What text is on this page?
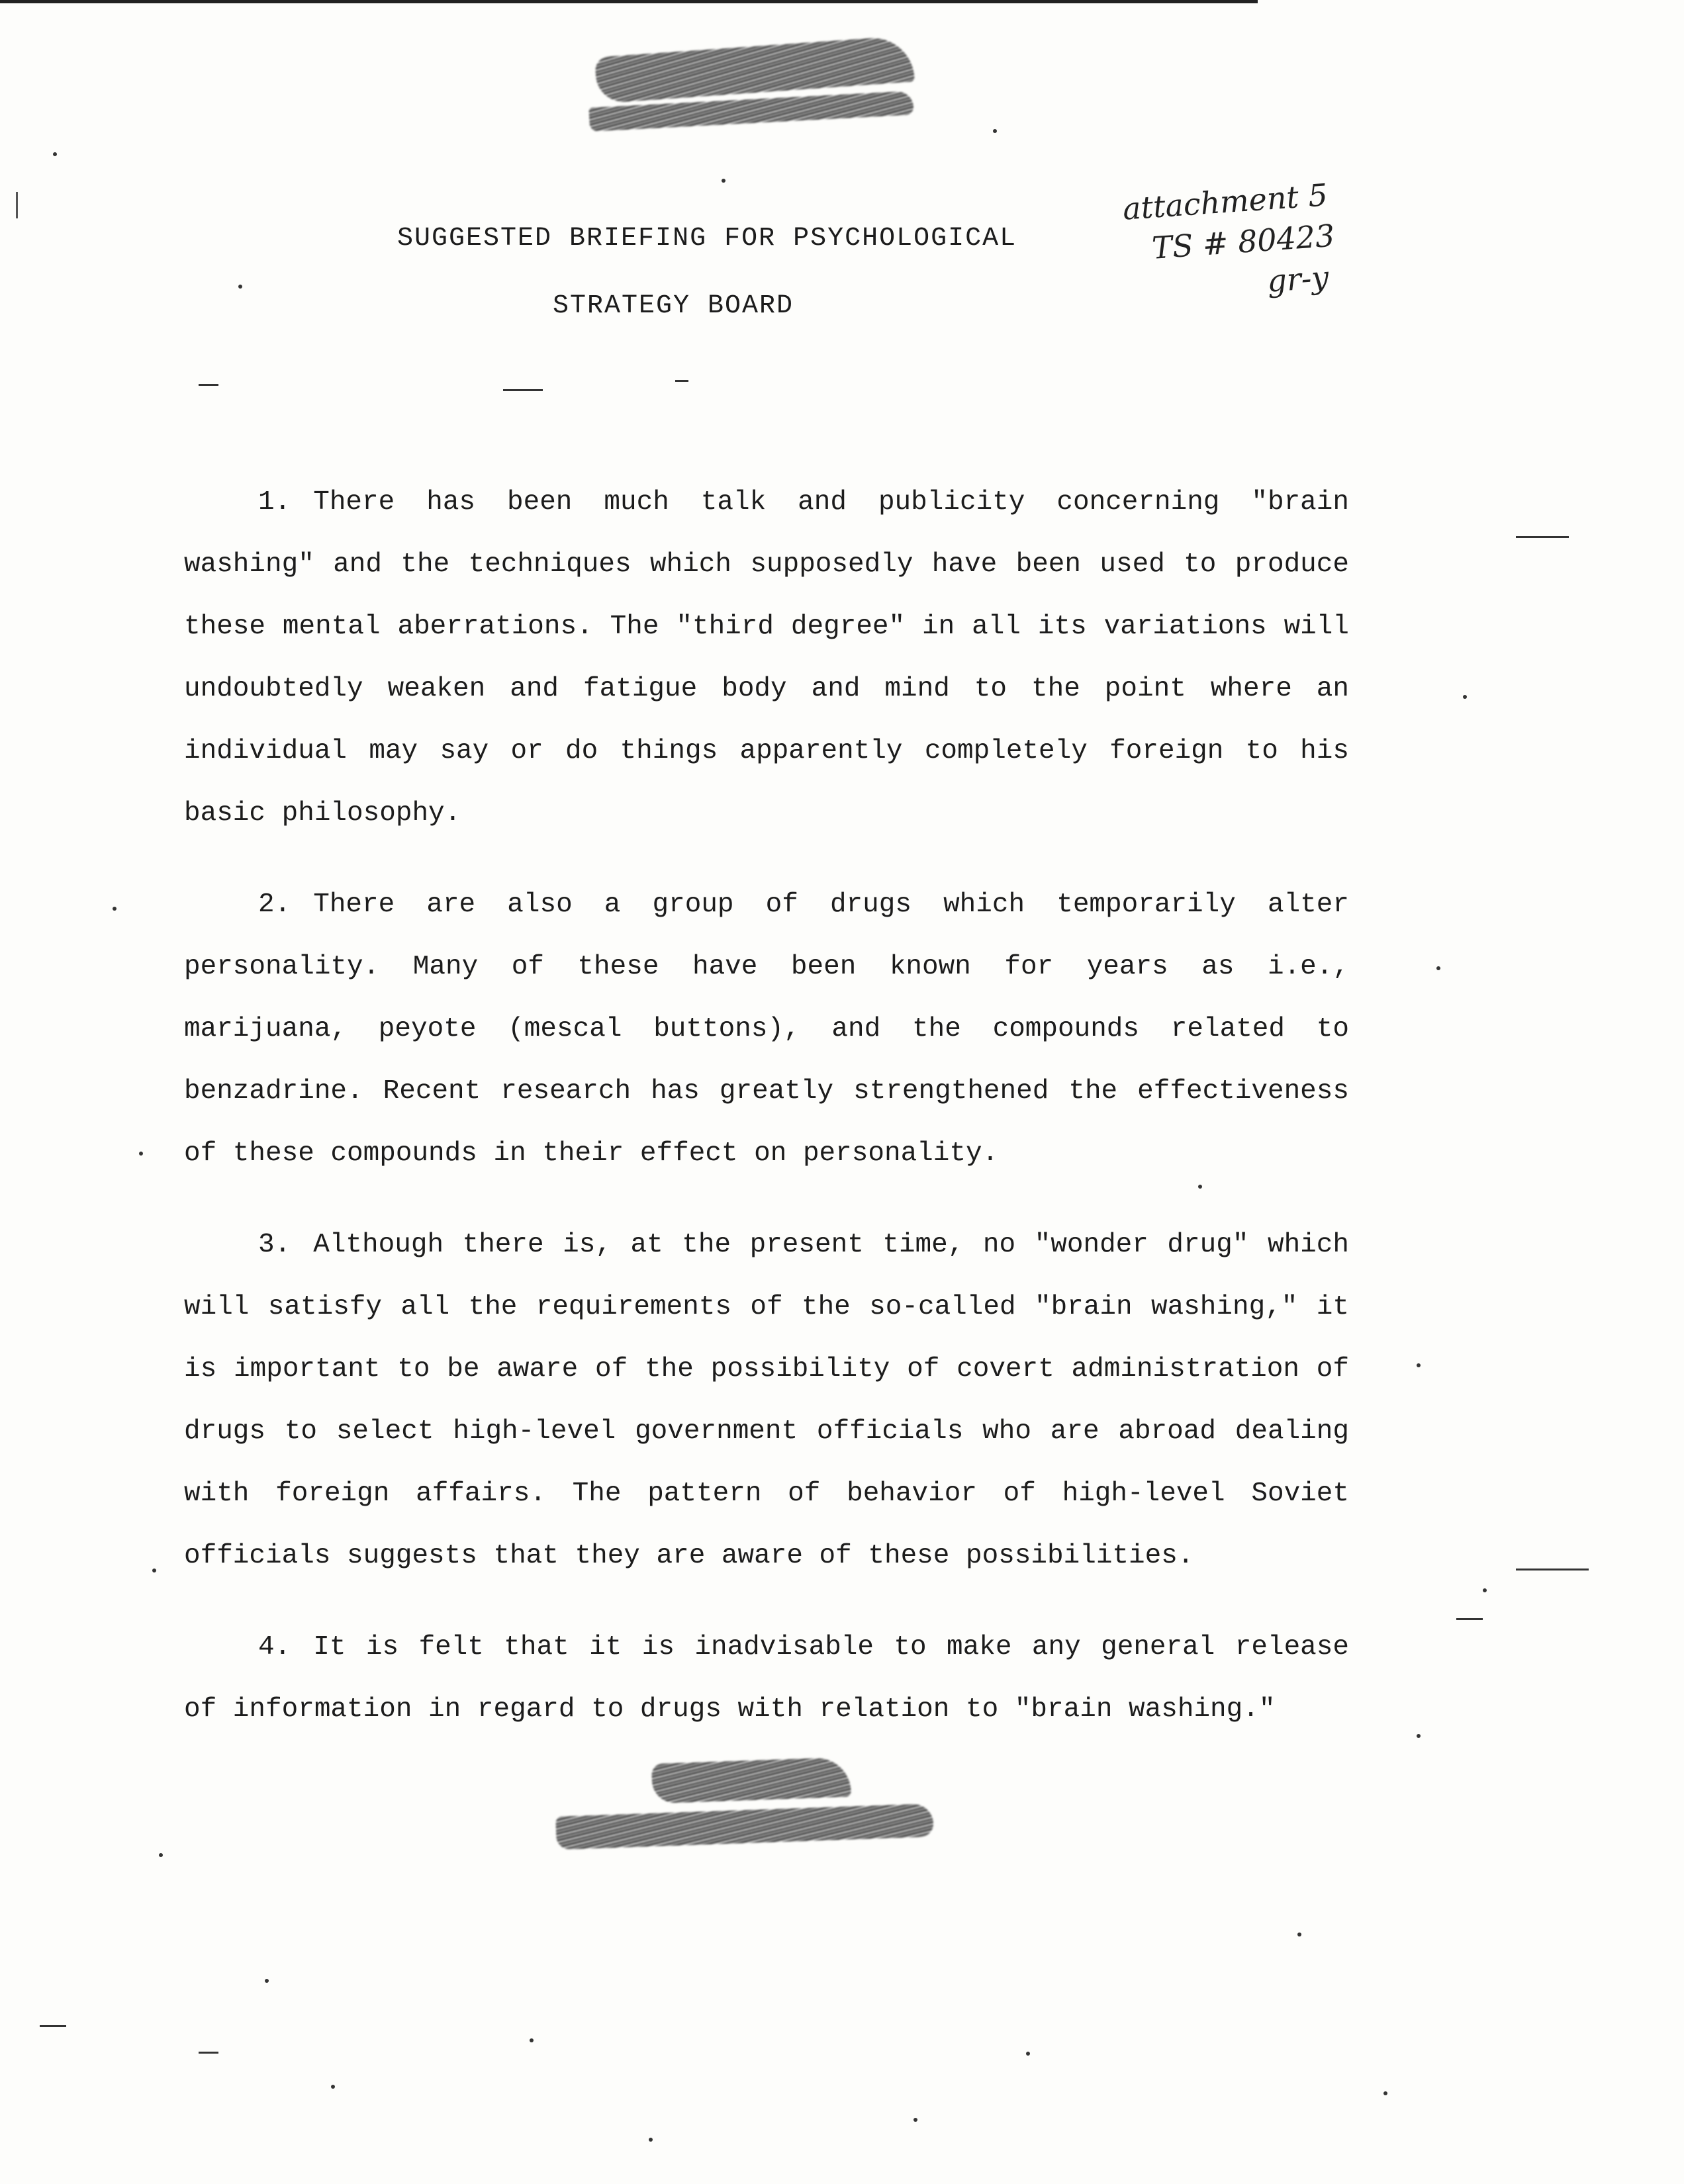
attachment 5
TS # 80423
gr-y
SUGGESTED BRIEFING FOR PSYCHOLOGICAL
STRATEGY BOARD

1. There has been much talk and publicity concerning "brain washing" and the techniques which supposedly have been used to produce these mental aberrations. The "third degree" in all its variations will undoubtedly weaken and fatigue body and mind to the point where an individual may say or do things apparently completely foreign to his basic philosophy.

2. There are also a group of drugs which temporarily alter personality. Many of these have been known for years as i.e., marijuana, peyote (mescal buttons), and the compounds related to benzadrine. Recent research has greatly strengthened the effectiveness of these compounds in their effect on personality.

3. Although there is, at the present time, no "wonder drug" which will satisfy all the requirements of the so-called "brain washing," it is important to be aware of the possibility of covert administration of drugs to select high-level government officials who are abroad dealing with foreign affairs. The pattern of behavior of high-level Soviet officials suggests that they are aware of these possibilities.

4. It is felt that it is inadvisable to make any general release of information in regard to drugs with relation to "brain washing."
